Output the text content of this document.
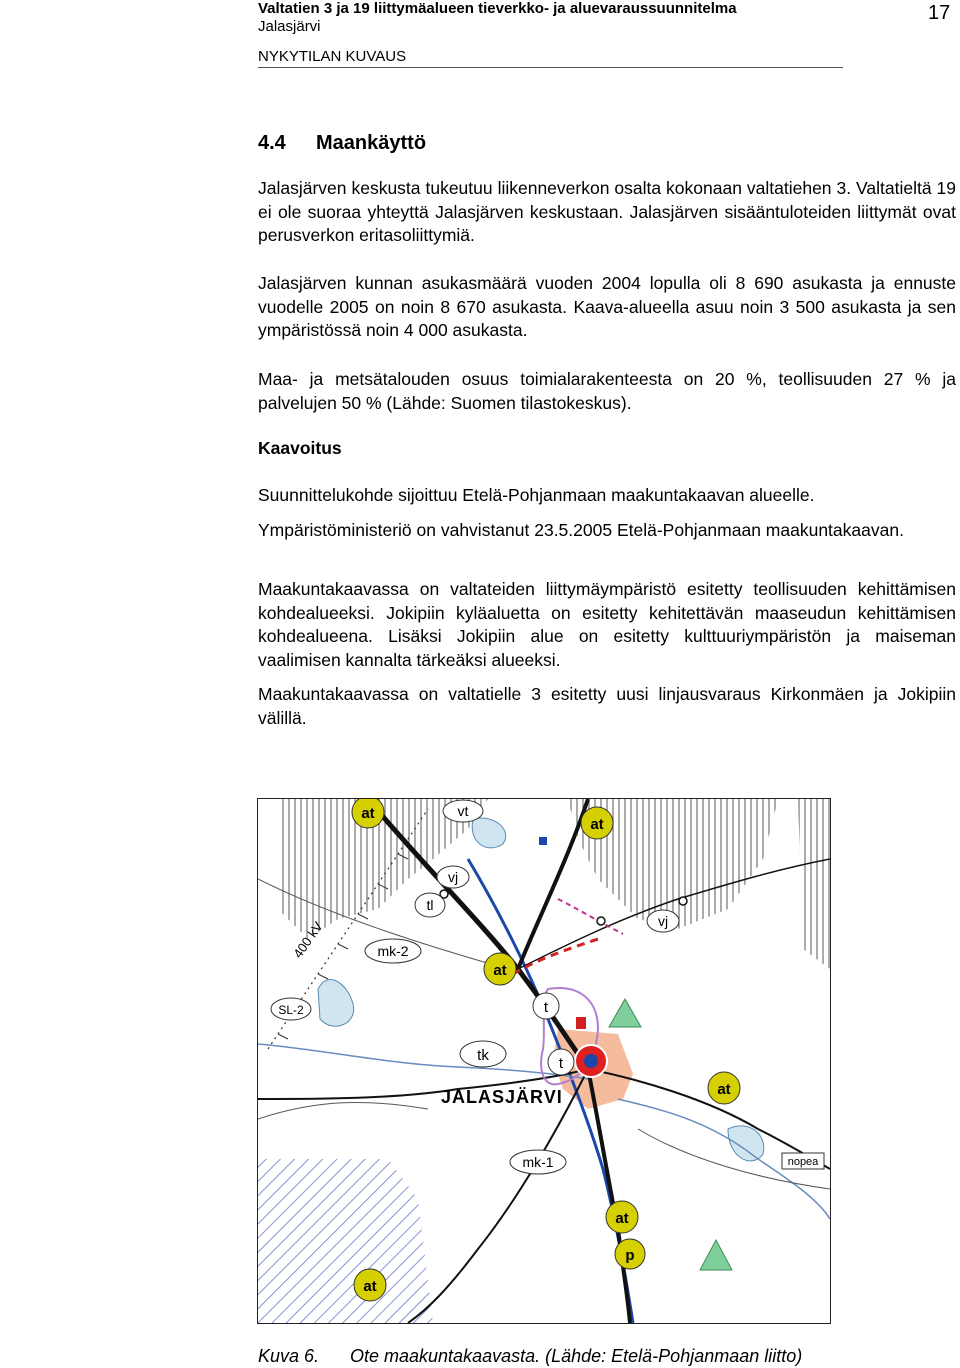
Valtatien 3 ja 19 liittymäalueen tieverkko- ja aluevaraussuunnitelma
Jalasjärvi
NYKYTILAN KUVAUS
17
4.4 Maankäyttö
Jalasjärven keskusta tukeutuu liikenneverkon osalta kokonaan valtatiehen 3. Valtatieltä 19 ei ole suoraa yhteyttä Jalasjärven keskustaan. Jalasjärven sisääntuloteiden liittymät ovat perusverkon eritasoliittymiä.
Jalasjärven kunnan asukasmäärä vuoden 2004 lopulla oli 8 690 asukasta ja ennuste vuodelle 2005 on noin 8 670 asukasta. Kaava-alueella asuu noin 3 500 asukasta ja sen ympäristössä noin 4 000 asukasta.
Maa- ja metsätalouden osuus toimialarakenteesta on 20 %, teollisuuden 27 % ja palvelujen 50 % (Lähde: Suomen tilastokeskus).
Kaavoitus
Suunnittelukohde sijoittuu Etelä-Pohjanmaan maakuntakaavan alueelle.
Ympäristöministeriö on vahvistanut 23.5.2005 Etelä-Pohjanmaan maakuntakaavan.
Maakuntakaavassa on valtateiden liittymäympäristö esitetty teollisuuden kehittämisen kohdealueeksi. Jokipiin kyläaluetta on esitetty kehitettävän maaseudun kehittämisen kohdealueena. Lisäksi Jokipiin alue on esitetty kulttuuriympäristön ja maiseman vaalimisen kannalta tärkeäksi alueeksi.
Maakuntakaavassa on valtatielle 3 esitetty uusi linjausvaraus Kirkonmäen ja Jokipiin välillä.
at	vt
at
vj
tl
400 kV	mk-2
vj
at
SL-2	t
tk	t
JALASJÄRVI	at
mk-1	nopea
at
p
at
Kuva 6. Ote maakuntakaavasta. (Lähde: Etelä-Pohjanmaan liitto)
